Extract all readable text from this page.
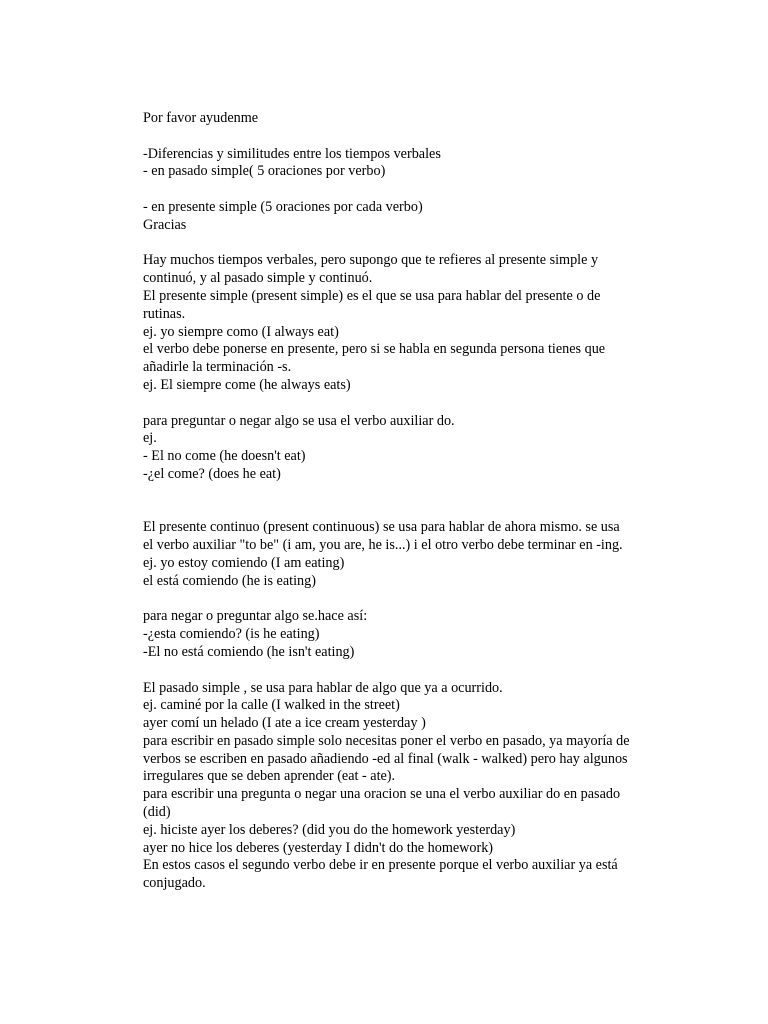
Por favor ayudenme

-Diferencias y similitudes entre los tiempos verbales

- en pasado simple( 5 oraciones por verbo)

- en presente simple (5 oraciones por cada verbo)

Gracias

Hay muchos tiempos verbales, pero supongo que te refieres al presente simple y

continuó, y al pasado simple y continuó.

El presente simple (present simple) es el que se usa para hablar del presente o de

rutinas.

ej. yo siempre como (I always eat)

el verbo debe ponerse en presente, pero si se habla en segunda persona tienes que

añadirle la terminación -s.

ej. El siempre come (he always eats)

para preguntar o negar algo se usa el verbo auxiliar do.

ej.

- El no come (he doesn't eat)

-¿el come? (does he eat)

El presente continuo (present continuous) se usa para hablar de ahora mismo. se usa

el verbo auxiliar "to be" (i am, you are, he is...) i el otro verbo debe terminar en -ing.

ej. yo estoy comiendo (I am eating)

el está comiendo (he is eating)

para negar o preguntar algo se.hace así:

-¿esta comiendo? (is he eating)

-El no está comiendo (he isn't eating)

El pasado simple , se usa para hablar de algo que ya a ocurrido.

ej. caminé por la calle (I walked in the street)

ayer comí un helado (I ate a ice cream yesterday )

para escribir en pasado simple solo necesitas poner el verbo en pasado, ya mayoría de

verbos se escriben en pasado añadiendo -ed al final (walk - walked) pero hay algunos

irregulares que se deben aprender (eat - ate).

para escribir una pregunta o negar una oracion se una el verbo auxiliar do en pasado

(did)

ej. hiciste ayer los deberes? (did you do the homework yesterday)

ayer no hice los deberes (yesterday I didn't do the homework)

En estos casos el segundo verbo debe ir en presente porque el verbo auxiliar ya está

conjugado.
